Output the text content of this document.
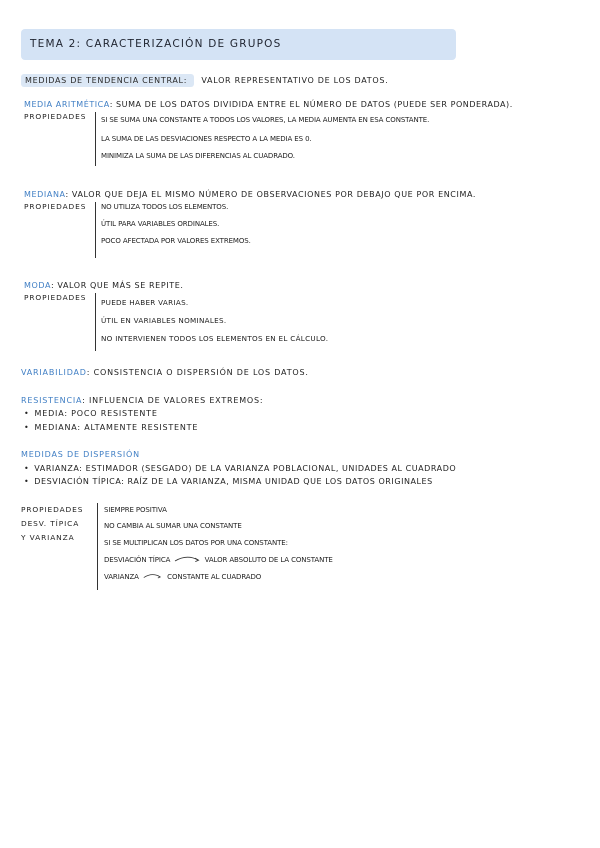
TEMA 2: CARACTERIZACIÓN DE GRUPOS
MEDIDAS DE TENDENCIA CENTRAL: VALOR REPRESENTATIVO DE LOS DATOS.
MEDIA ARITMÉTICA: SUMA DE LOS DATOS DIVIDIDA ENTRE EL NÚMERO DE DATOS (PUEDE SER PONDERADA).
PROPIEDADES SI SE SUMA UNA CONSTANTE A TODOS LOS VALORES, LA MEDIA AUMENTA EN ESA CONSTANTE.
LA SUMA DE LAS DESVIACIONES RESPECTO A LA MEDIA ES 0.
MINIMIZA LA SUMA DE LAS DIFERENCIAS AL CUADRADO.
MEDIANA: VALOR QUE DEJA EL MISMO NÚMERO DE OBSERVACIONES POR DEBAJO QUE POR ENCIMA.
PROPIEDADES NO UTILIZA TODOS LOS ELEMENTOS.
ÚTIL PARA VARIABLES ORDINALES.
POCO AFECTADA POR VALORES EXTREMOS.
MODA: VALOR QUE MÁS SE REPITE.
PROPIEDADES
PUEDE HABER VARIAS.
ÚTIL EN VARIABLES NOMINALES.
NO INTERVIENEN TODOS LOS ELEMENTOS EN EL CÁLCULO.
VARIABILIDAD: CONSISTENCIA O DISPERSIÓN DE LOS DATOS.
RESISTENCIA: INFLUENCIA DE VALORES EXTREMOS:
• MEDIA: POCO RESISTENTE
• MEDIANA: ALTAMENTE RESISTENTE
MEDIDAS DE DISPERSIÓN
• VARIANZA: ESTIMADOR (SESGADO) DE LA VARIANZA POBLACIONAL, UNIDADES AL CUADRADO
• DESVIACIÓN TÍPICA: RAÍZ DE LA VARIANZA, MISMA UNIDAD QUE LOS DATOS ORIGINALES
PROPIEDADES
DESV. TÍPICA
Y VARIANZA
SIEMPRE POSITIVA
NO CAMBIA AL SUMAR UNA CONSTANTE
SI SE MULTIPLICAN LOS DATOS POR UNA CONSTANTE:
DESVIACIÓN TÍPICA	VALOR ABSOLUTO DE LA CONSTANTE
VARIANZA	CONSTANTE AL CUADRADO
